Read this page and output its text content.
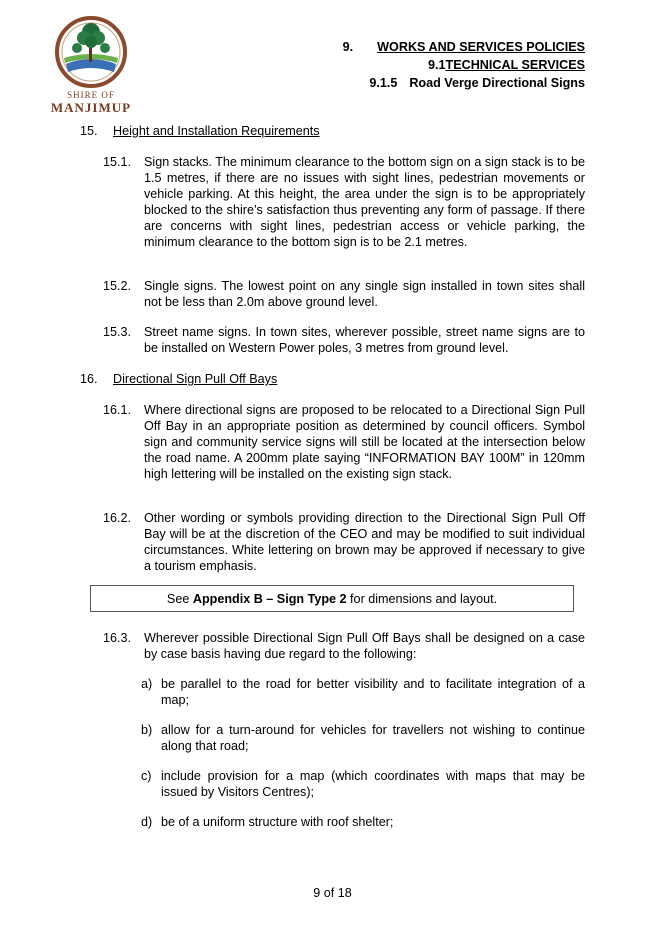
SHIRE OF
MANJIMUP
9. WORKS AND SERVICES POLICIES
9.1TECHNICAL SERVICES
9.1.5 Road Verge Directional Signs
15. Height and Installation Requirements
15.1. Sign stacks. The minimum clearance to the bottom sign on a sign stack is to be 1.5 metres, if there are no issues with sight lines, pedestrian movements or vehicle parking. At this height, the area under the sign is to be appropriately blocked to the shire’s satisfaction thus preventing any form of passage. If there are concerns with sight lines, pedestrian access or vehicle parking, the minimum clearance to the bottom sign is to be 2.1 metres.
15.2. Single signs. The lowest point on any single sign installed in town sites shall not be less than 2.0m above ground level.
15.3. Street name signs. In town sites, wherever possible, street name signs are to be installed on Western Power poles, 3 metres from ground level.
16. Directional Sign Pull Off Bays
16.1. Where directional signs are proposed to be relocated to a Directional Sign Pull Off Bay in an appropriate position as determined by council officers. Symbol sign and community service signs will still be located at the intersection below the road name. A 200mm plate saying “INFORMATION BAY 100M” in 120mm high lettering will be installed on the existing sign stack.
16.2. Other wording or symbols providing direction to the Directional Sign Pull Off Bay will be at the discretion of the CEO and may be modified to suit individual circumstances. White lettering on brown may be approved if necessary to give a tourism emphasis.
See Appendix B – Sign Type 2 for dimensions and layout.
16.3. Wherever possible Directional Sign Pull Off Bays shall be designed on a case by case basis having due regard to the following:
a) be parallel to the road for better visibility and to facilitate integration of a map;
b) allow for a turn-around for vehicles for travellers not wishing to continue along that road;
c) include provision for a map (which coordinates with maps that may be issued by Visitors Centres);
d) be of a uniform structure with roof shelter;
9 of 18
